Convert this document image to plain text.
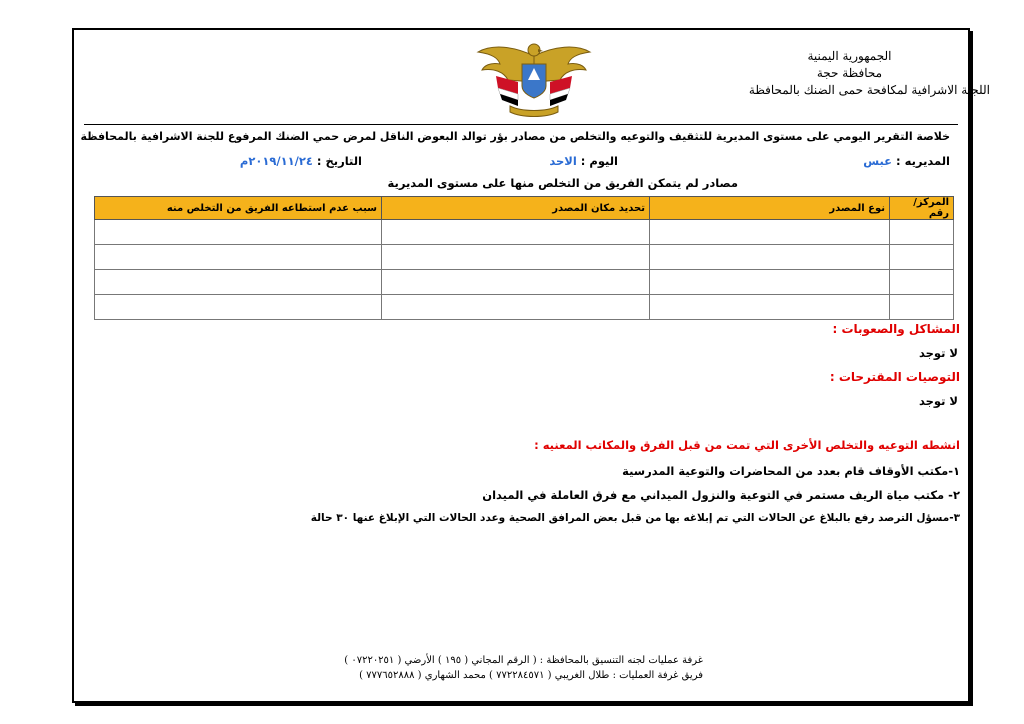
الجمهورية اليمنية
محافظة حجة
اللجنة الاشرافية لمكافحة حمى الضنك بالمحافظة
خلاصة التقرير اليومي على مستوى المديرية للتثقيف والتوعيه والتخلص من مصادر بؤر توالد البعوض الناقل لمرض حمي الضنك المرفوع للجنة الاشرافية بالمحافظة
المديريه : عبس
اليوم : الاحد
التاريخ : ٢٠١٩/١١/٢٤م
مصادر لم يتمكن الفريق من التخلص منها على مستوى المديرية
المركز/رقم	نوع المصدر	تحديد مكان المصدر	سبب عدم استطاعه الفريق من التخلص منه

المشاكل والصعوبات :
لا توجد
التوصيات المقترحات :
لا توجد
انشطه التوعيه والتخلص الأخرى التي تمت من قبل الفرق والمكاتب المعنيه :
١-مكتب الأوقاف قام بعدد من المحاضرات والتوعية المدرسية
٢- مكتب مياة الريف مستمر في التوعية والنزول الميداني مع فرق العاملة في الميدان
٣-مسؤل الترصد رفع بالبلاغ عن الحالات التي تم إبلاغه بها من قبل بعض المرافق الصحية وعدد الحالات التي الإبلاغ عنها ٣٠ حالة
غرفة عمليات لجنه التنسيق بالمحافظة : ( الرقم المجاني ( ١٩٥ ) الأرضي ( ٠٧٢٢٠٢٥١ )
فريق غرفة العمليات : طلال الغريبي ( ٧٧٢٢٨٤٥٧١ ) محمد الشهاري ( ٧٧٧٦٥٢٨٨٨ )
